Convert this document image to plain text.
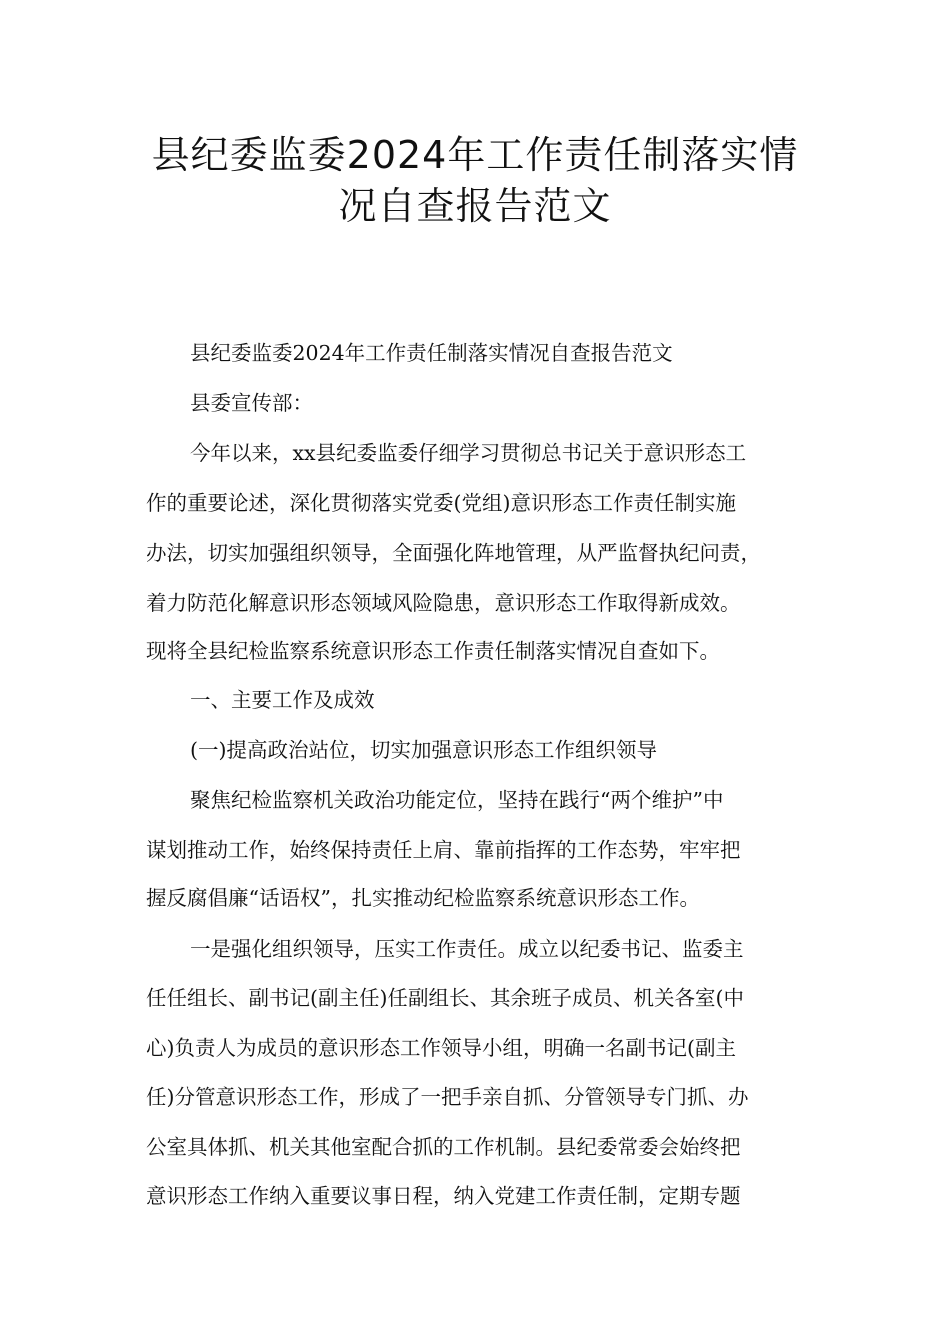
县纪委监委2024年工作责任制落实情
况自查报告范文
县纪委监委2024年工作责任制落实情况自查报告范文
县委宣传部：
今年以来，xx县纪委监委仔细学习贯彻总书记关于意识形态工
作的重要论述，深化贯彻落实党委(党组)意识形态工作责任制实施
办法，切实加强组织领导，全面强化阵地管理，从严监督执纪问责，
着力防范化解意识形态领域风险隐患，意识形态工作取得新成效。
现将全县纪检监察系统意识形态工作责任制落实情况自查如下。
一、主要工作及成效
(一)提高政治站位，切实加强意识形态工作组织领导
聚焦纪检监察机关政治功能定位，坚持在践行“两个维护”中
谋划推动工作，始终保持责任上肩、靠前指挥的工作态势，牢牢把
握反腐倡廉“话语权”，扎实推动纪检监察系统意识形态工作。
一是强化组织领导，压实工作责任。成立以纪委书记、监委主
任任组长、副书记(副主任)任副组长、其余班子成员、机关各室(中
心)负责人为成员的意识形态工作领导小组，明确一名副书记(副主
任)分管意识形态工作，形成了一把手亲自抓、分管领导专门抓、办
公室具体抓、机关其他室配合抓的工作机制。县纪委常委会始终把
意识形态工作纳入重要议事日程，纳入党建工作责任制，定期专题
